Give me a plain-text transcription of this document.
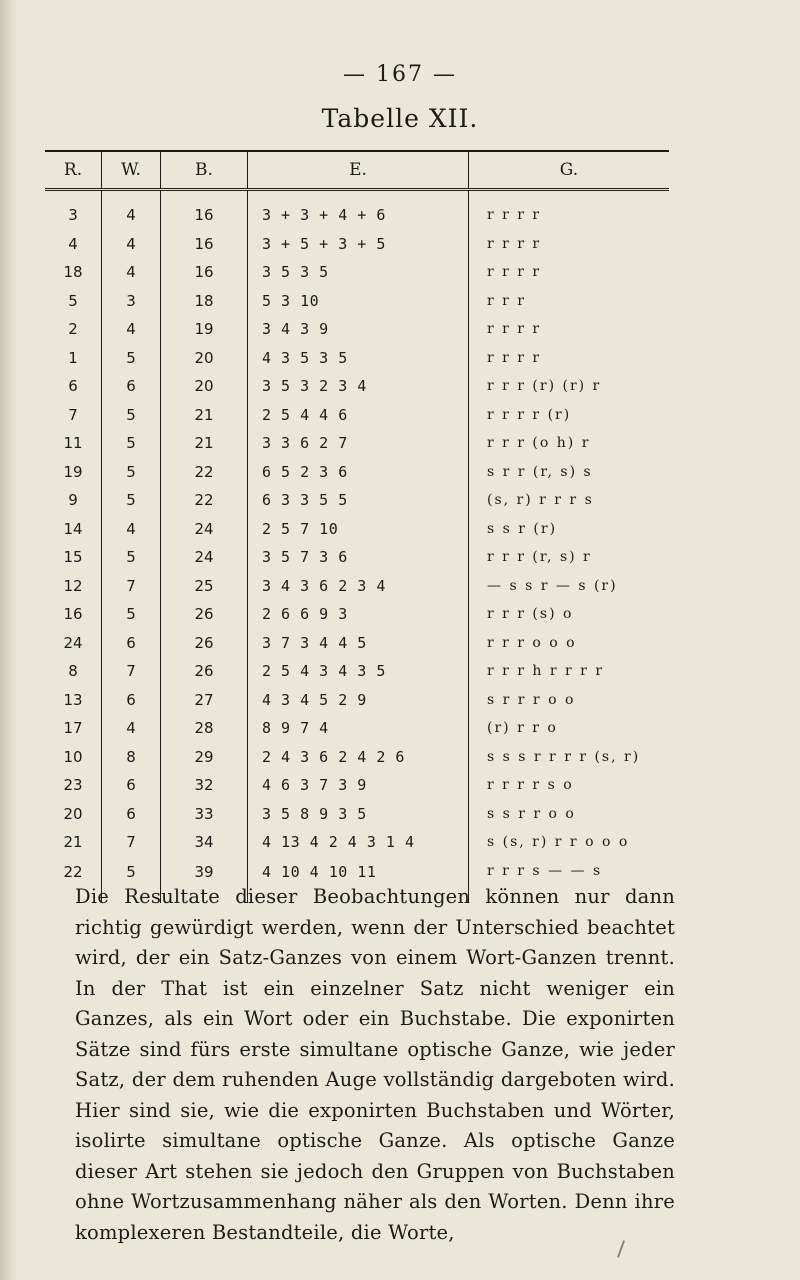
— 167 —
Tabelle XII.
R.	W.	B.	E.	G.

3	4	16	3 + 3 + 4 + 6	r r r r
4	4	16	3 + 5 + 3 + 5	r r r r
18	4	16	3 5 3 5	r r r r
5	3	18	5 3 10	r r r
2	4	19	3 4 3 9	r r r r
1	5	20	4 3 5 3 5	r r r r
6	6	20	3 5 3 2 3 4	r r r (r) (r) r
7	5	21	2 5 4 4 6	r r r r (r)
11	5	21	3 3 6 2 7	r r r (o h) r
19	5	22	6 5 2 3 6	s r r (r, s) s
9	5	22	6 3 3 5 5	(s, r) r r r s
14	4	24	2 5 7 10	s s r (r)
15	5	24	3 5 7 3 6	r r r (r, s) r
12	7	25	3 4 3 6 2 3 4	— s s r — s (r)
16	5	26	2 6 6 9 3	r r r (s) o
24	6	26	3 7 3 4 4 5	r r r o o o
8	7	26	2 5 4 3 4 3 5	r r r h r r r r
13	6	27	4 3 4 5 2 9	s r r r o o
17	4	28	8 9 7 4	(r) r r o
10	8	29	2 4 3 6 2 4 2 6	s s s r r r r (s, r)
23	6	32	4 6 3 7 3 9	r r r r s o
20	6	33	3 5 8 9 3 5	s s r r o o
21	7	34	4 13 4 2 4 3 1 4	s (s, r) r r o o o
22	5	39	4 10 4 10 11	r r r s — — s
Die Resultate dieser Beobachtungen können nur dann richtig gewürdigt werden, wenn der Unterschied beachtet wird, der ein Satz-Ganzes von einem Wort-Ganzen trennt. In der That ist ein einzelner Satz nicht weniger ein Ganzes, als ein Wort oder ein Buchstabe. Die exponirten Sätze sind fürs erste simultane optische Ganze, wie jeder Satz, der dem ruhenden Auge vollständig dargeboten wird. Hier sind sie, wie die exponirten Buchstaben und Wörter, isolirte simultane optische Ganze. Als optische Ganze dieser Art stehen sie jedoch den Gruppen von Buchstaben ohne Wortzusammenhang näher als den Worten. Denn ihre komplexeren Bestandteile, die Worte,
